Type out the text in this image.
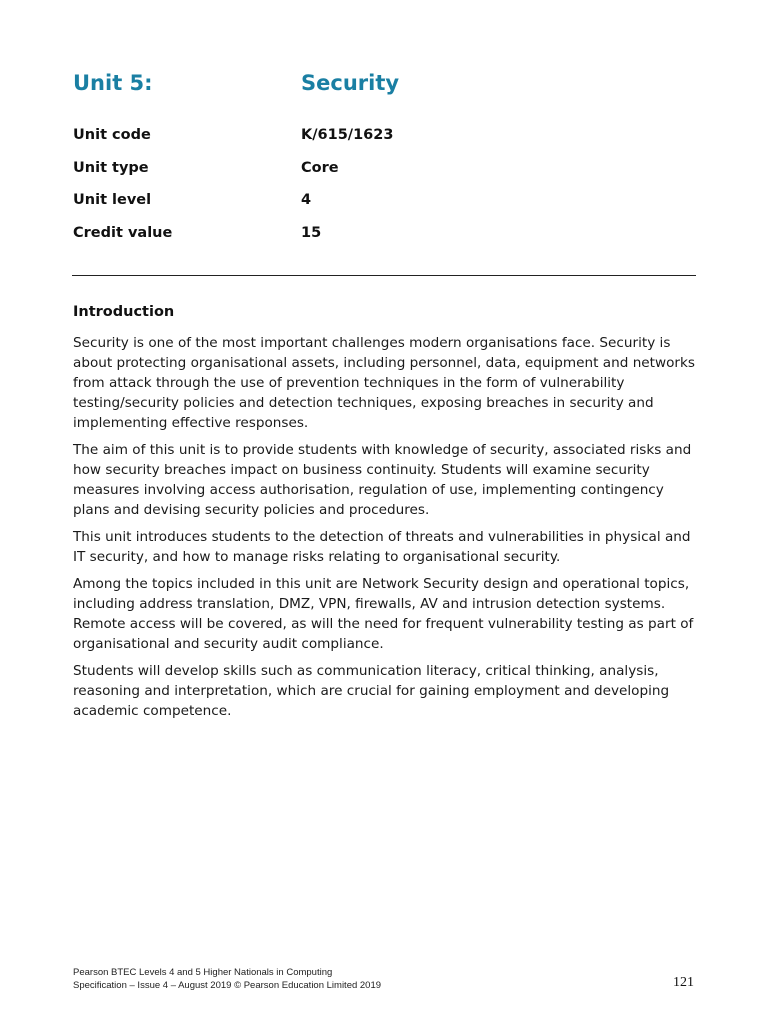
Unit 5:	Security
Unit code	K/615/1623
Unit type	Core
Unit level	4
Credit value	15
Introduction

Security is one of the most important challenges modern organisations face. Security is about protecting organisational assets, including personnel, data, equipment and networks from attack through the use of prevention techniques in the form of vulnerability testing/security policies and detection techniques, exposing breaches in security and implementing effective responses.

The aim of this unit is to provide students with knowledge of security, associated risks and how security breaches impact on business continuity. Students will examine security measures involving access authorisation, regulation of use, implementing contingency plans and devising security policies and procedures.

This unit introduces students to the detection of threats and vulnerabilities in physical and IT security, and how to manage risks relating to organisational security.

Among the topics included in this unit are Network Security design and operational topics, including address translation, DMZ, VPN, firewalls, AV and intrusion detection systems. Remote access will be covered, as will the need for frequent vulnerability testing as part of organisational and security audit compliance.

Students will develop skills such as communication literacy, critical thinking, analysis, reasoning and interpretation, which are crucial for gaining employment and developing academic competence.

Pearson BTEC Levels 4 and 5 Higher Nationals in Computing
Specification – Issue 4 – August 2019 © Pearson Education Limited 2019	121
